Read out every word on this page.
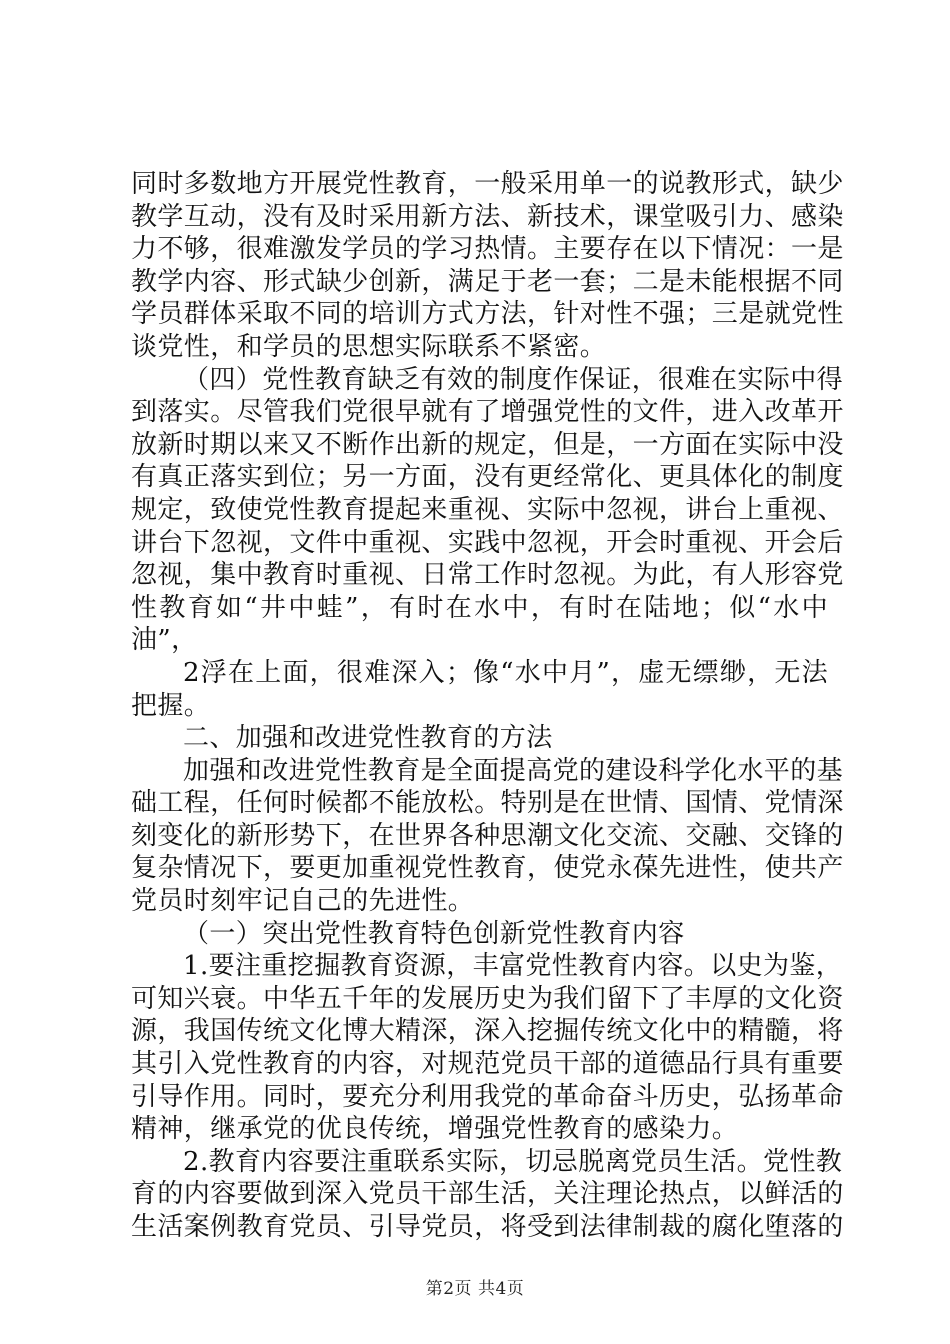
同时多数地方开展党性教育，一般采用单一的说教形式，缺少
教学互动，没有及时采用新方法、新技术，课堂吸引力、感染
力不够，很难激发学员的学习热情。主要存在以下情况：一是
教学内容、形式缺少创新，满足于老一套；二是未能根据不同
学员群体采取不同的培训方式方法，针对性不强；三是就党性
谈党性，和学员的思想实际联系不紧密。
（四）党性教育缺乏有效的制度作保证，很难在实际中得
到落实。尽管我们党很早就有了增强党性的文件，进入改革开
放新时期以来又不断作出新的规定，但是，一方面在实际中没
有真正落实到位；另一方面，没有更经常化、更具体化的制度
规定，致使党性教育提起来重视、实际中忽视，讲台上重视、
讲台下忽视，文件中重视、实践中忽视，开会时重视、开会后
忽视，集中教育时重视、日常工作时忽视。为此，有人形容党
性教育如“井中蛙”，有时在水中，有时在陆地；似“水中
油”，
2浮在上面，很难深入；像“水中月”，虚无缥缈，无法
把握。
二、加强和改进党性教育的方法
加强和改进党性教育是全面提高党的建设科学化水平的基
础工程，任何时候都不能放松。特别是在世情、国情、党情深
刻变化的新形势下，在世界各种思潮文化交流、交融、交锋的
复杂情况下，要更加重视党性教育，使党永葆先进性，使共产
党员时刻牢记自己的先进性。
（一）突出党性教育特色创新党性教育内容
1.要注重挖掘教育资源，丰富党性教育内容。以史为鉴，
可知兴衰。中华五千年的发展历史为我们留下了丰厚的文化资
源，我国传统文化博大精深，深入挖掘传统文化中的精髓，将
其引入党性教育的内容，对规范党员干部的道德品行具有重要
引导作用。同时，要充分利用我党的革命奋斗历史，弘扬革命
精神，继承党的优良传统，增强党性教育的感染力。
2.教育内容要注重联系实际，切忌脱离党员生活。党性教
育的内容要做到深入党员干部生活，关注理论热点，以鲜活的
生活案例教育党员、引导党员，将受到法律制裁的腐化堕落的
第2页 共4页
